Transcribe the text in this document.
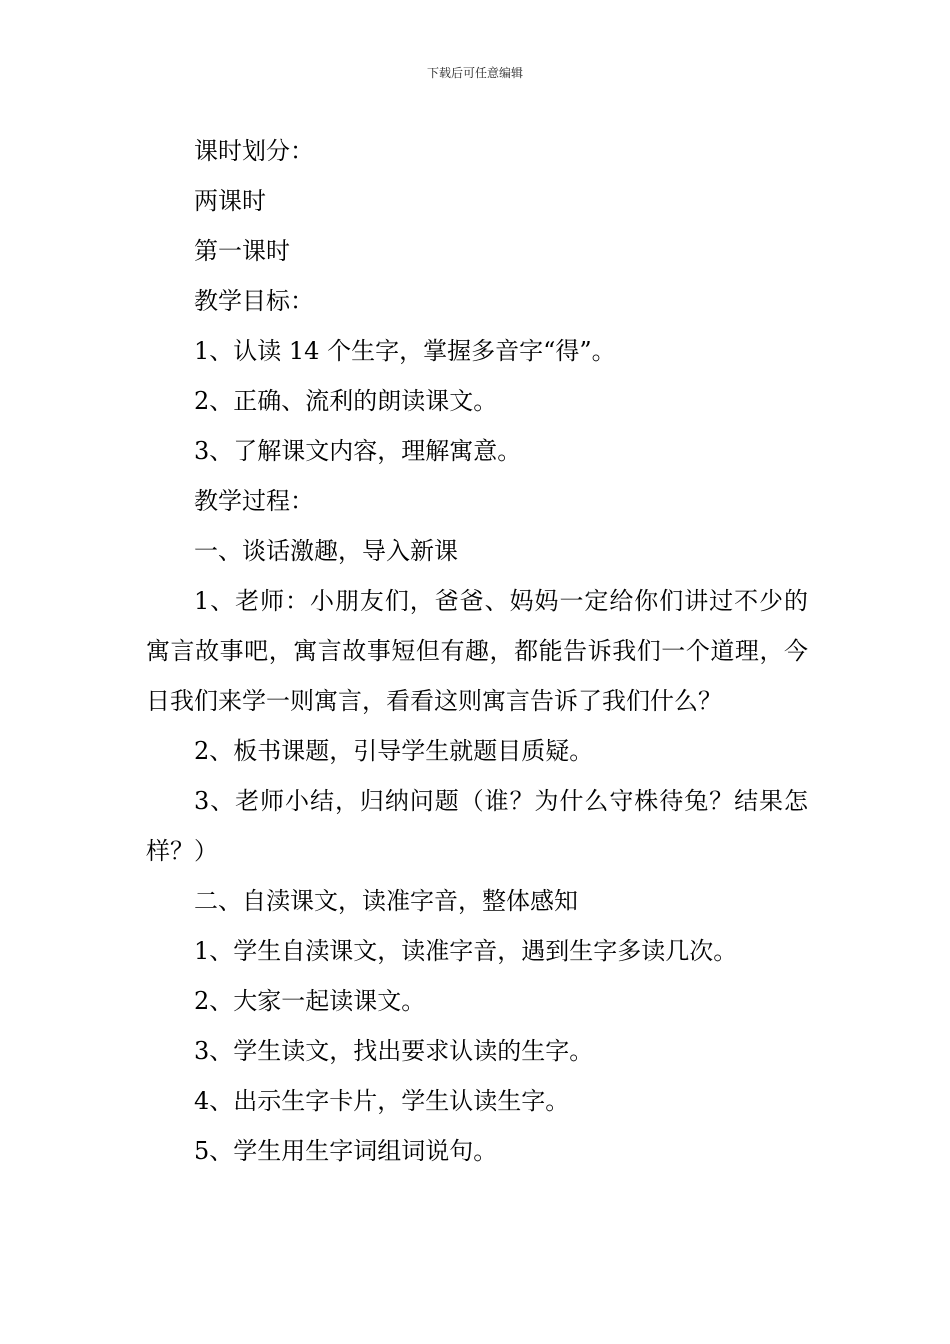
下载后可任意编辑

课时划分：

两课时

第一课时

教学目标：

1、认读 14 个生字，掌握多音字“得”。

2、正确、流利的朗读课文。

3、了解课文内容，理解寓意。

教学过程：

一、谈话激趣，导入新课

1、老师：小朋友们，爸爸、妈妈一定给你们讲过不少的寓言故事吧，寓言故事短但有趣，都能告诉我们一个道理，今日我们来学一则寓言，看看这则寓言告诉了我们什么？

2、板书课题，引导学生就题目质疑。

3、老师小结，归纳问题（谁？为什么守株待兔？结果怎样？）

二、自渎课文，读准字音，整体感知

1、学生自渎课文，读准字音，遇到生字多读几次。

2、大家一起读课文。

3、学生读文，找出要求认读的生字。

4、出示生字卡片，学生认读生字。

5、学生用生字词组词说句。
